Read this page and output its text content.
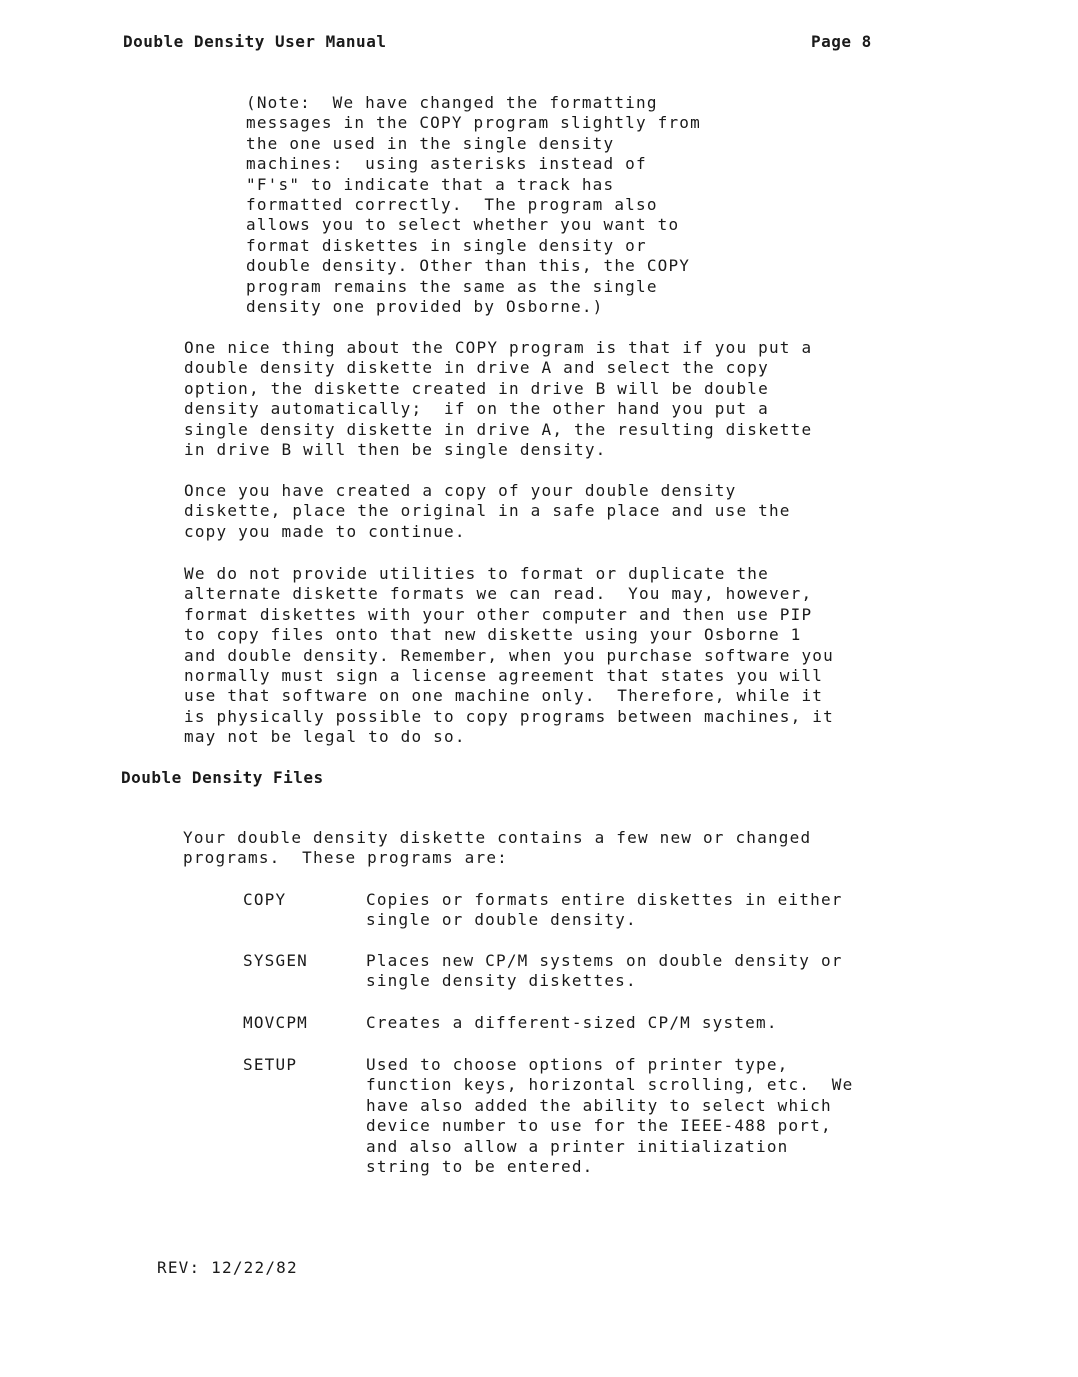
Double Density User Manual	Page 8
(Note:  We have changed the formatting
messages in the COPY program slightly from
the one used in the single density
machines:  using asterisks instead of
"F's" to indicate that a track has
formatted correctly.  The program also
allows you to select whether you want to
format diskettes in single density or
double density. Other than this, the COPY
program remains the same as the single
density one provided by Osborne.)
One nice thing about the COPY program is that if you put a
double density diskette in drive A and select the copy
option, the diskette created in drive B will be double
density automatically;  if on the other hand you put a
single density diskette in drive A, the resulting diskette
in drive B will then be single density.
Once you have created a copy of your double density
diskette, place the original in a safe place and use the
copy you made to continue.
We do not provide utilities to format or duplicate the
alternate diskette formats we can read.  You may, however,
format diskettes with your other computer and then use PIP
to copy files onto that new diskette using your Osborne 1
and double density. Remember, when you purchase software you
normally must sign a license agreement that states you will
use that software on one machine only.  Therefore, while it
is physically possible to copy programs between machines, it
may not be legal to do so.
Double Density Files
Your double density diskette contains a few new or changed
programs.  These programs are:
COPY	Copies or formats entire diskettes in either
single or double density.
SYSGEN	Places new CP/M systems on double density or
single density diskettes.
MOVCPM	Creates a different-sized CP/M system.
SETUP	Used to choose options of printer type,
function keys, horizontal scrolling, etc.  We
have also added the ability to select which
device number to use for the IEEE-488 port,
and also allow a printer initialization
string to be entered.
REV: 12/22/82
